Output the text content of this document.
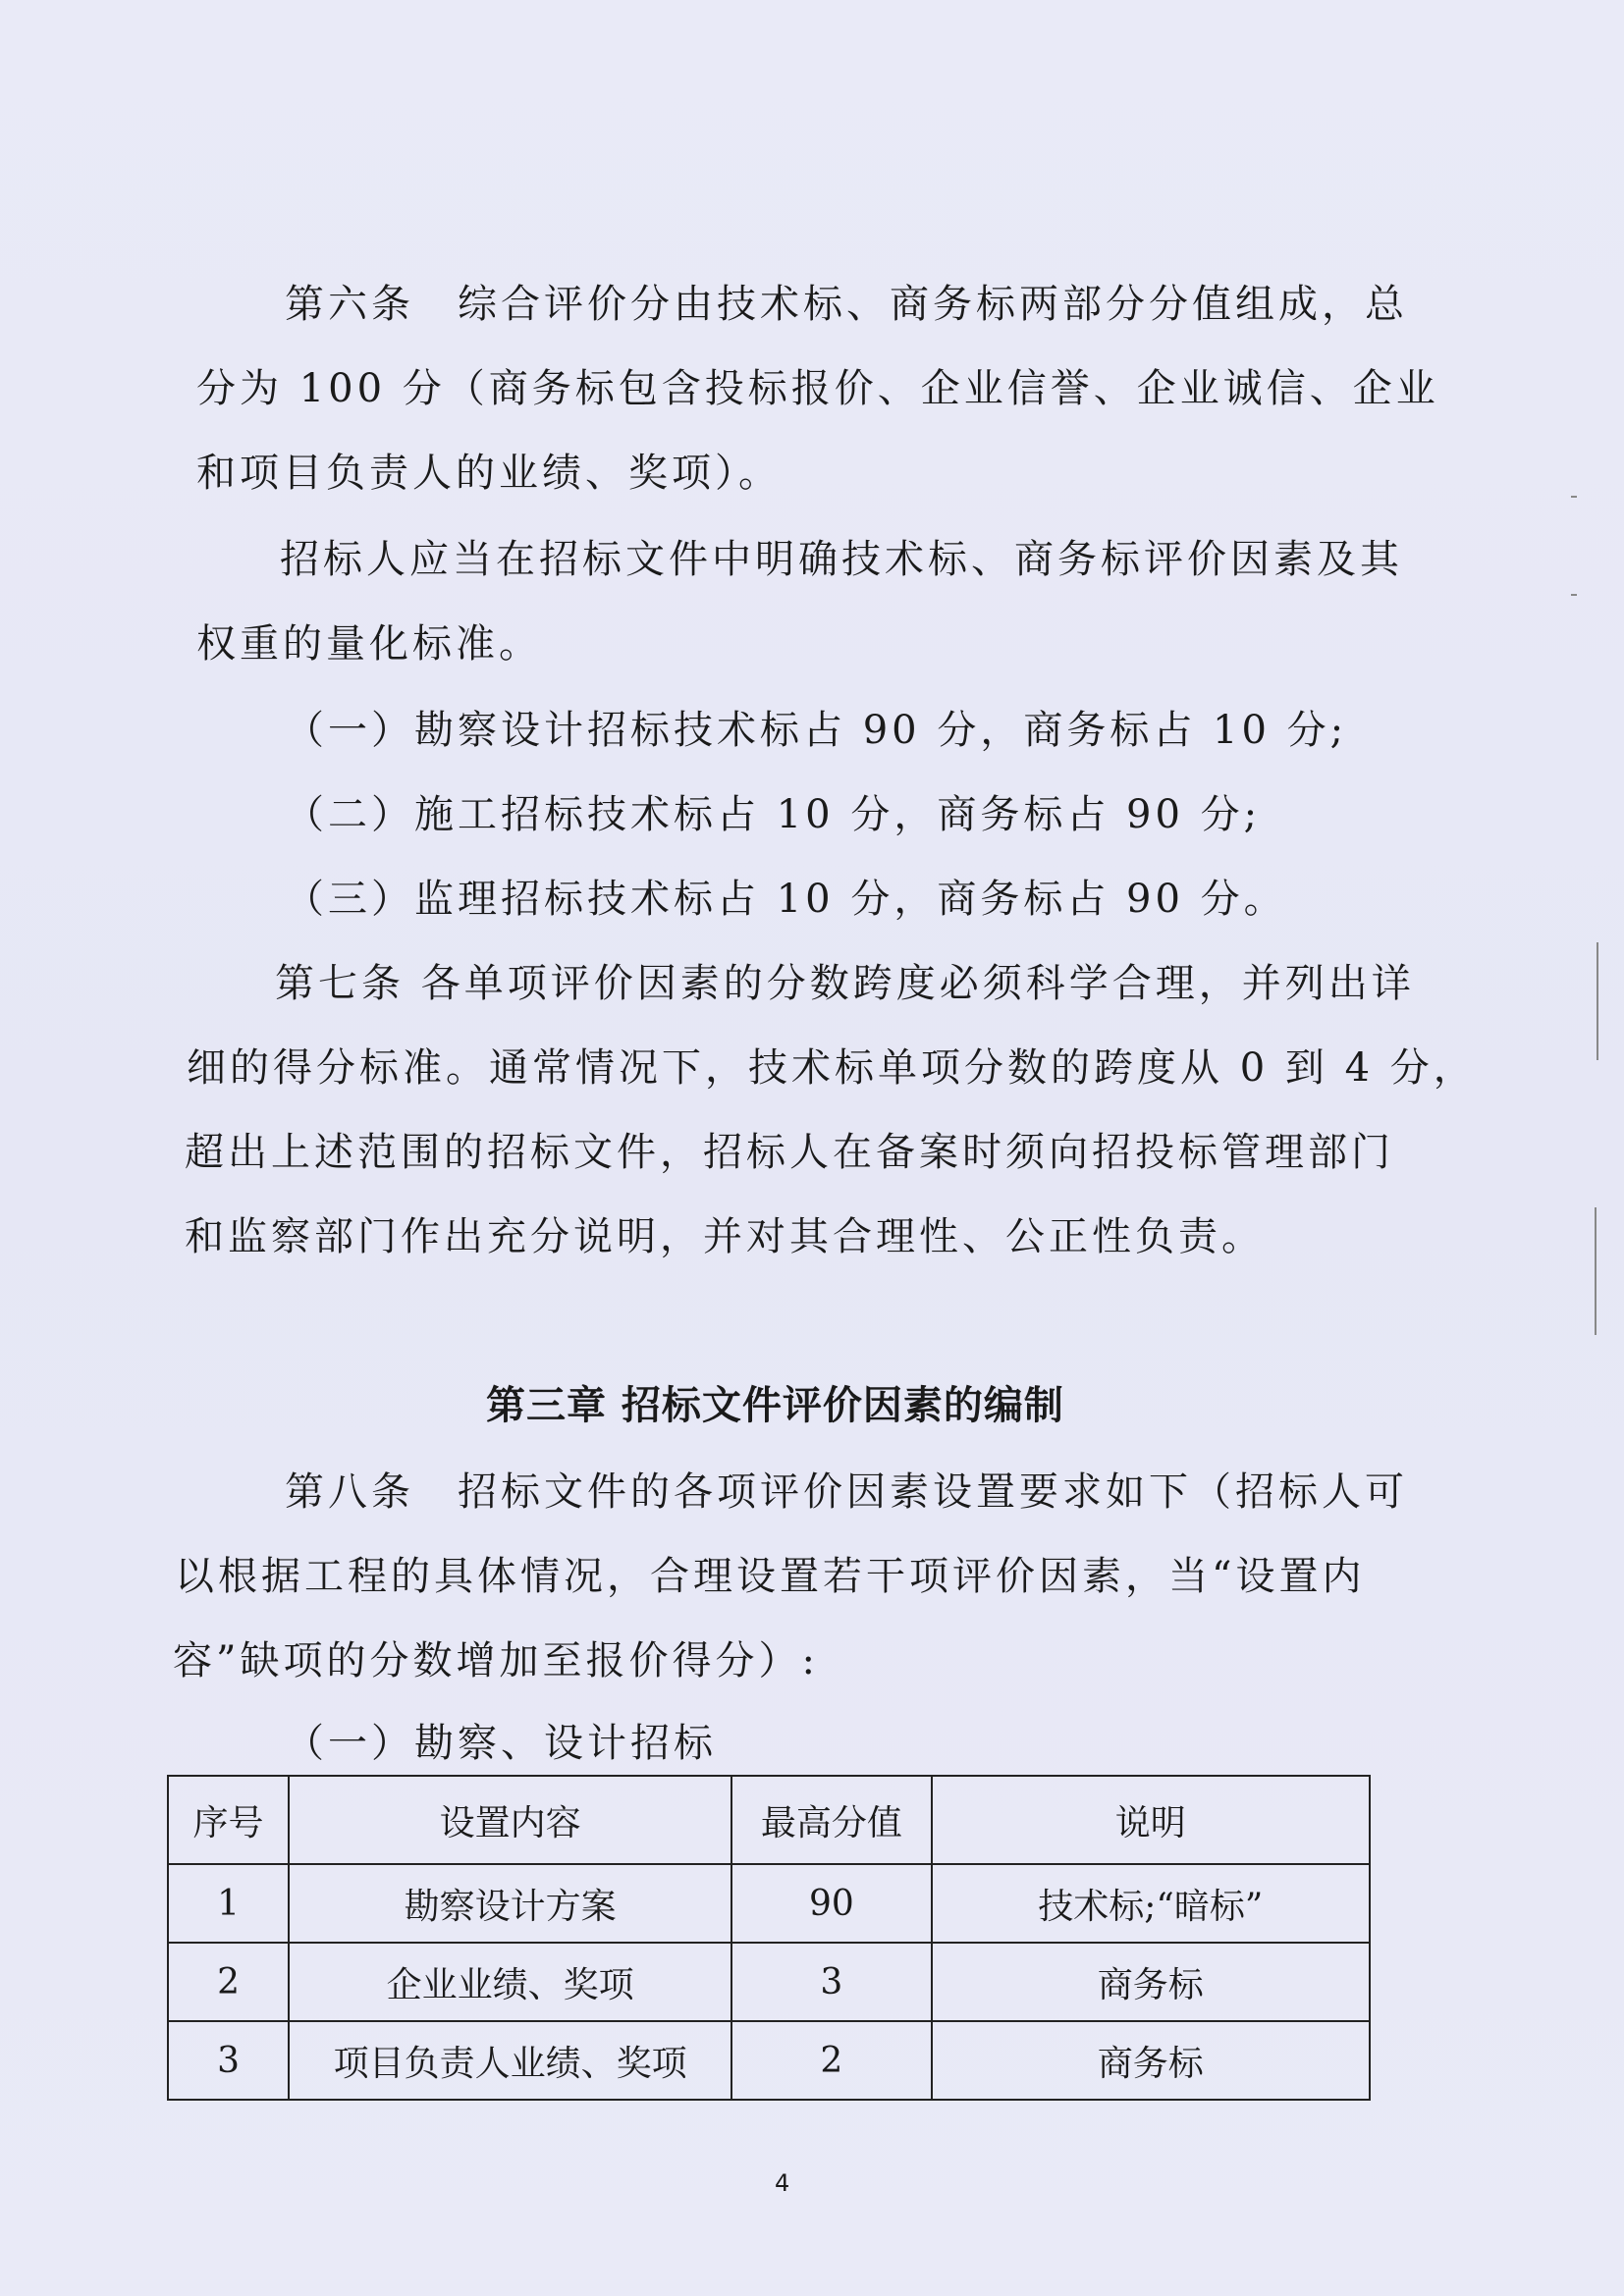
第六条　综合评价分由技术标、商务标两部分分值组成，总
分为 100 分（商务标包含投标报价、企业信誉、企业诚信、企业
和项目负责人的业绩、奖项）。
招标人应当在招标文件中明确技术标、商务标评价因素及其
权重的量化标准。
（一）勘察设计招标技术标占 90 分，商务标占 10 分;
（二）施工招标技术标占 10 分，商务标占 90 分;
（三）监理招标技术标占 10 分，商务标占 90 分。
第七条 各单项评价因素的分数跨度必须科学合理，并列出详
细的得分标准。通常情况下，技术标单项分数的跨度从 0 到 4 分，
超出上述范围的招标文件，招标人在备案时须向招投标管理部门
和监察部门作出充分说明，并对其合理性、公正性负责。
第三章 招标文件评价因素的编制
第八条　招标文件的各项评价因素设置要求如下（招标人可
以根据工程的具体情况，合理设置若干项评价因素，当“设置内
容”缺项的分数增加至报价得分）:
（一）勘察、设计招标
序号	设置内容	最高分值	说明
1	勘察设计方案	90	技术标;“暗标”
2	企业业绩、奖项	3	商务标
3	项目负责人业绩、奖项	2	商务标
4
